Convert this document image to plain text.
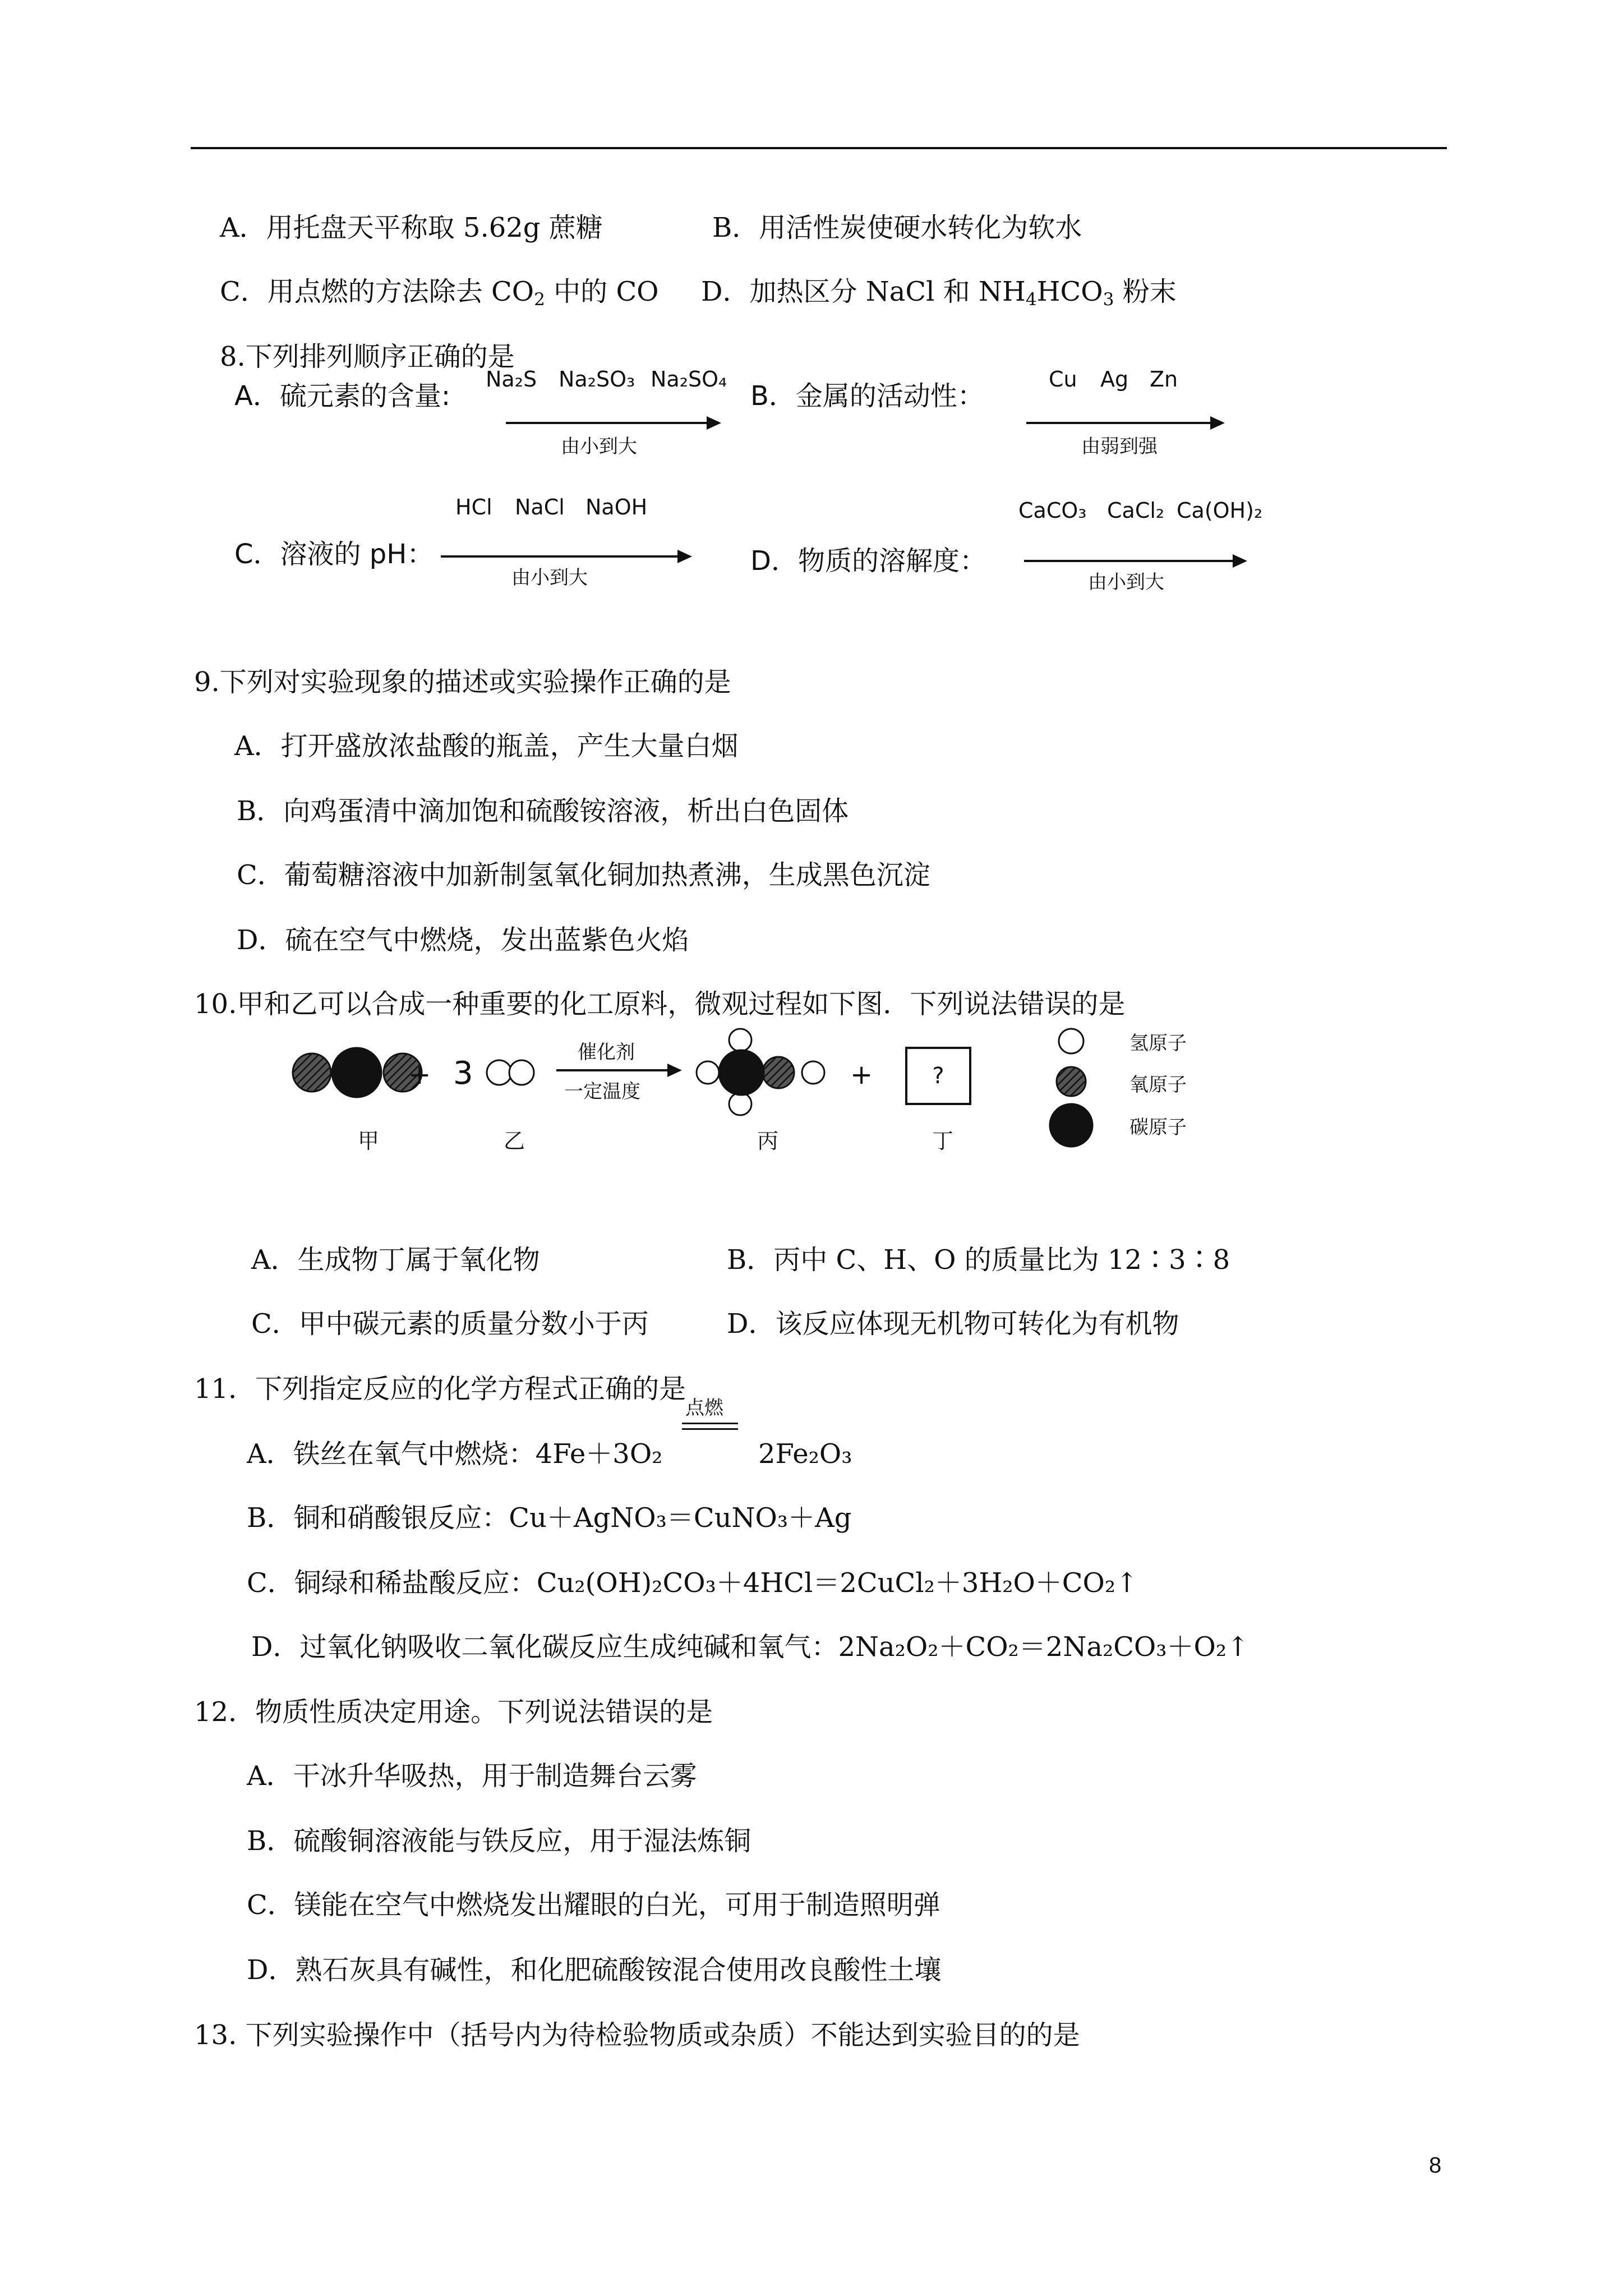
A．用托盘天平称取 5.62g 蔗糖	B．用活性炭使硬水转化为软水
C．用点燃的方法除去 $CO_2$ 中的 CO D．加热区分 NaCl 和 $NH_4HCO_3$ 粉末
8.下列排列顺序正确的是
A．硫元素的含量:
Na₂S Na₂SO₃ Na₂SO₄
由小到大
B．金属的活动性：
Cu Ag Zn
由弱到强
HCl NaCl NaOH
C．溶液的 pH：
由小到大
CaCO₃ CaCl₂ Ca(OH)₂
D．物质的溶解度：
由小到大
9.下列对实验现象的描述或实验操作正确的是
A．打开盛放浓盐酸的瓶盖，产生大量白烟
B．向鸡蛋清中滴加饱和硫酸铵溶液，析出白色固体
C．葡萄糖溶液中加新制氢氧化铜加热煮沸，生成黑色沉淀
D．硫在空气中燃烧，发出蓝紫色火焰
10.甲和乙可以合成一种重要的化工原料，微观过程如下图．下列说法错误的是
+ 3
催化剂
一定温度
+	?
甲	乙	丙	丁
氢原子
氧原子
碳原子
A．生成物丁属于氧化物	B．丙中 C、H、O 的质量比为 12∶3∶8
C．甲中碳元素的质量分数小于丙	D．该反应体现无机物可转化为有机物
11．下列指定反应的化学方程式正确的是
点燃
A．铁丝在氧气中燃烧：4Fe＋3O₂	2Fe₂O₃
B．铜和硝酸银反应：Cu＋AgNO₃＝CuNO₃＋Ag
C．铜绿和稀盐酸反应：Cu₂(OH)₂CO₃＋4HCl＝2CuCl₂＋3H₂O＋CO₂↑
D．过氧化钠吸收二氧化碳反应生成纯碱和氧气：2Na₂O₂＋CO₂＝2Na₂CO₃＋O₂↑
12．物质性质决定用途。下列说法错误的是
A．干冰升华吸热，用于制造舞台云雾
B．硫酸铜溶液能与铁反应，用于湿法炼铜
C．镁能在空气中燃烧发出耀眼的白光，可用于制造照明弹
D．熟石灰具有碱性，和化肥硫酸铵混合使用改良酸性土壤
13. 下列实验操作中（括号内为待检验物质或杂质）不能达到实验目的的是
8
